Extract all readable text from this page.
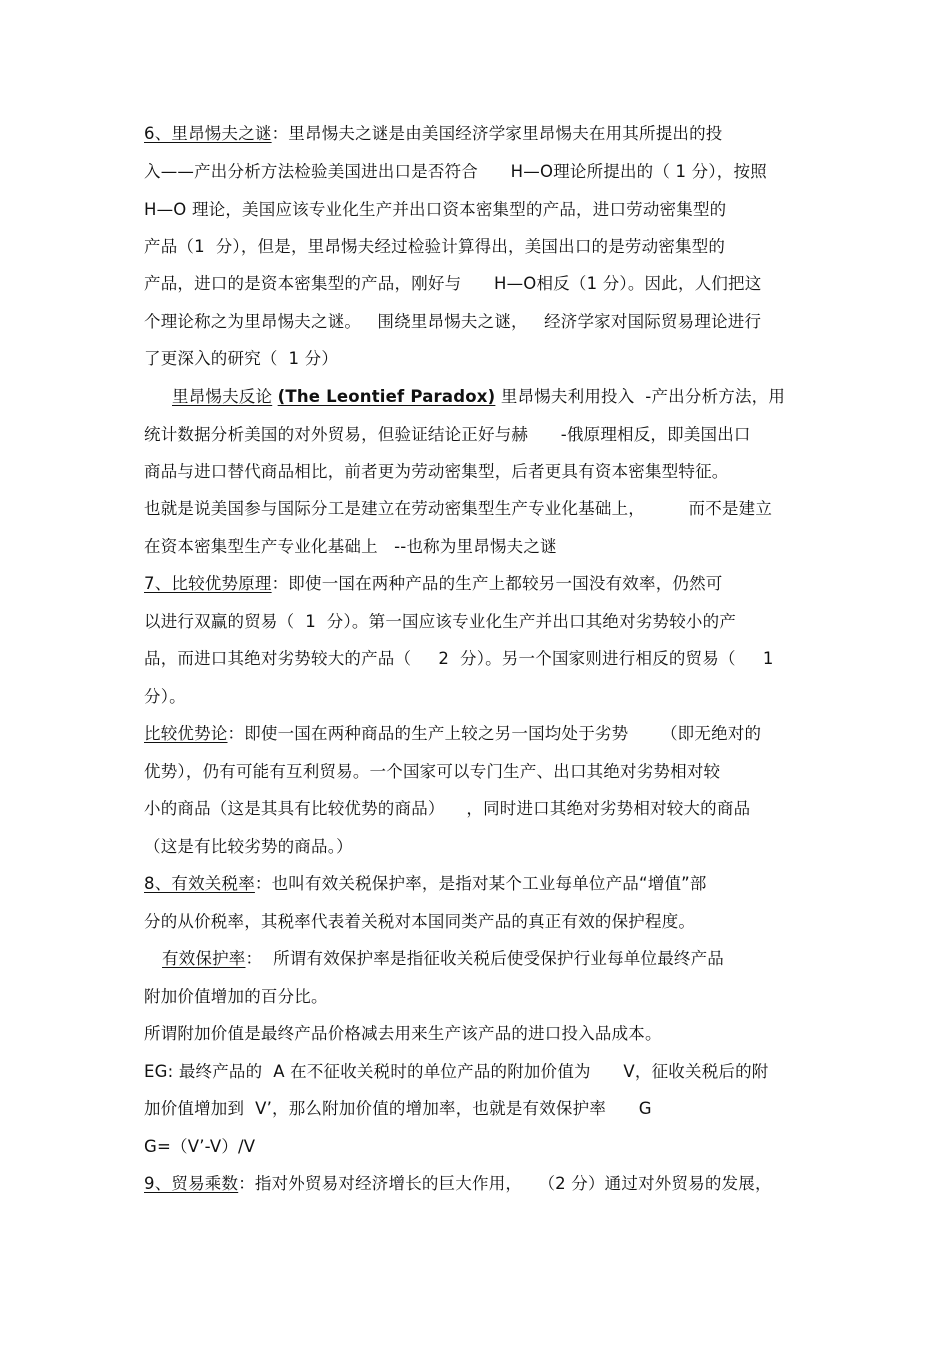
6、里昂惕夫之谜：里昂惕夫之谜是由美国经济学家里昂惕夫在用其所提出的投
入——产出分析方法检验美国进出口是否符合      H—O理论所提出的（ 1 分），按照
H—O 理论，美国应该专业化生产并出口资本密集型的产品，进口劳动密集型的
产品（1  分），但是，里昂惕夫经过检验计算得出，美国出口的是劳动密集型的
产品，进口的是资本密集型的产品，刚好与      H—O相反（1 分）。因此，人们把这
个理论称之为里昂惕夫之谜。   围绕里昂惕夫之谜，   经济学家对国际贸易理论进行
了更深入的研究（  1 分）
里昂惕夫反论 (The Leontief Paradox) 里昂惕夫利用投入  -产出分析方法，用
统计数据分析美国的对外贸易，但验证结论正好与赫      -俄原理相反，即美国出口
商品与进口替代商品相比，前者更为劳动密集型，后者更具有资本密集型特征。
也就是说美国参与国际分工是建立在劳动密集型生产专业化基础上，        而不是建立
在资本密集型生产专业化基础上   --也称为里昂惕夫之谜
7、比较优势原理：即使一国在两种产品的生产上都较另一国没有效率，仍然可
以进行双赢的贸易（  1  分）。第一国应该专业化生产并出口其绝对劣势较小的产
品，而进口其绝对劣势较大的产品（     2  分）。另一个国家则进行相反的贸易（     1
分）。
比较优势论：即使一国在两种商品的生产上较之另一国均处于劣势      （即无绝对的
优势），仍有可能有互利贸易。一个国家可以专门生产、出口其绝对劣势相对较
小的商品（这是其具有比较优势的商品）    ，同时进口其绝对劣势相对较大的商品
（这是有比较劣势的商品。）
8、有效关税率：也叫有效关税保护率，是指对某个工业每单位产品“增值”部
分的从价税率，其税率代表着关税对本国同类产品的真正有效的保护程度。
有效保护率：  所谓有效保护率是指征收关税后使受保护行业每单位最终产品
附加价值增加的百分比。
所谓附加价值是最终产品价格减去用来生产该产品的进口投入品成本。
EG: 最终产品的  A 在不征收关税时的单位产品的附加价值为      V，征收关税后的附
加价值增加到  V’，那么附加价值的增加率，也就是有效保护率      G
G=（V’-V）/V
9、贸易乘数：指对外贸易对经济增长的巨大作用，   （2 分）通过对外贸易的发展，
